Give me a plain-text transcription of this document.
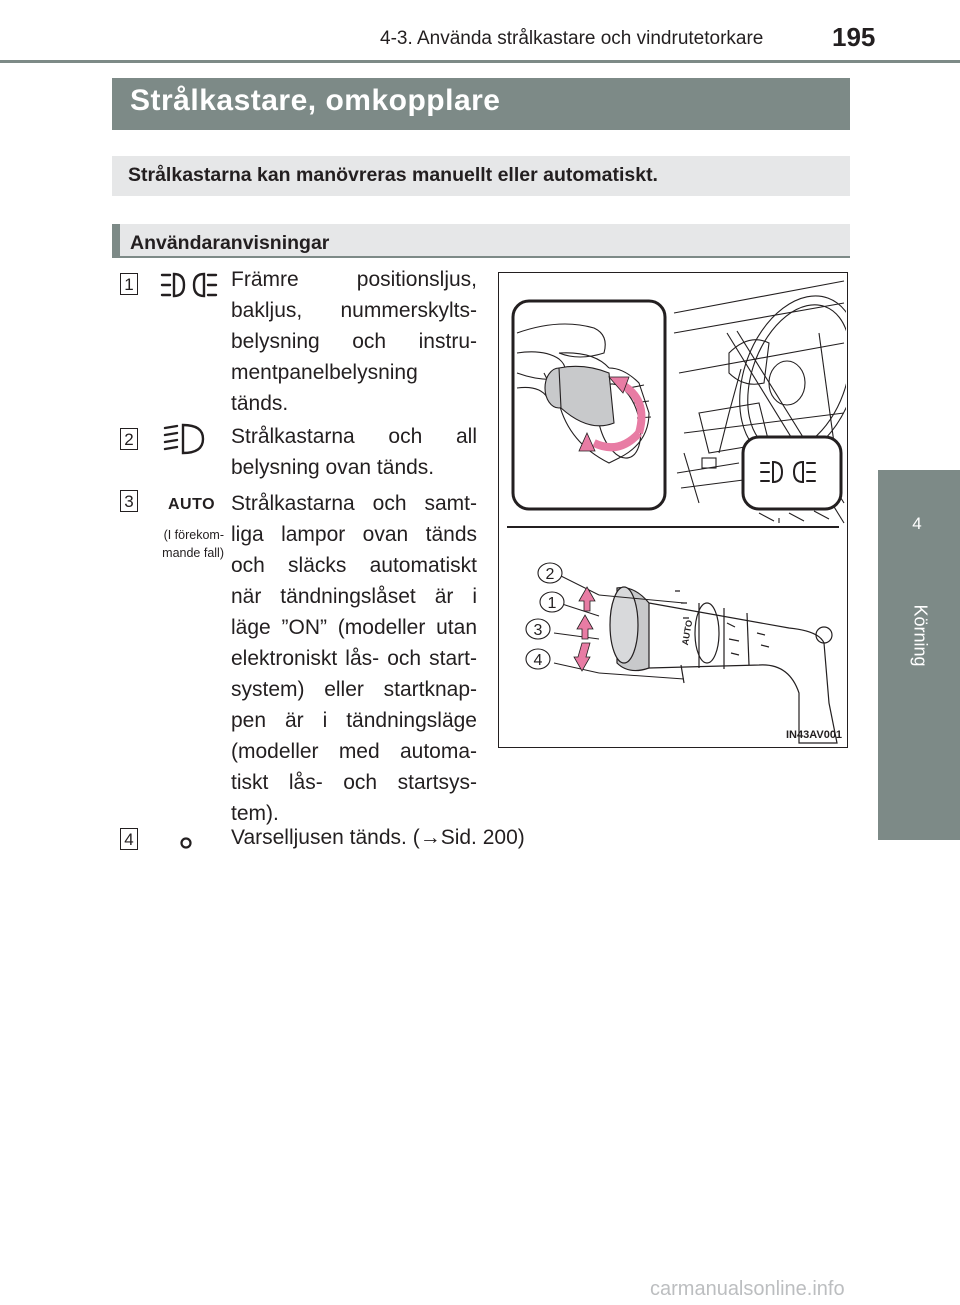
4-3. Använda strålkastare och vindrutetorkare	195
4
Körning
Strålkastare, omkopplare
Strålkastarna kan manövreras manuellt eller automatiskt.
Användaranvisningar
1	Främre positionsljus,
bakljus, nummerskylts-
belysning och instru-
mentpanelbelysning
tänds.
2	Strålkastarna och all
belysning ovan tänds.
3 AUTO
(I förekom-
mande fall)
Strålkastarna och samt-
liga lampor ovan tänds
och släcks automatiskt
när tändningslåset är i
läge ”ON” (modeller utan
elektroniskt lås- och start-
system) eller startknap-
pen är i tändningsläge
(modeller med automa-
tiskt lås- och startsys-
tem).
4	Varselljusen tänds. (→Sid. 200)
AUTO
2
1
3
4
IN43AV001
carmanualsonline.info
